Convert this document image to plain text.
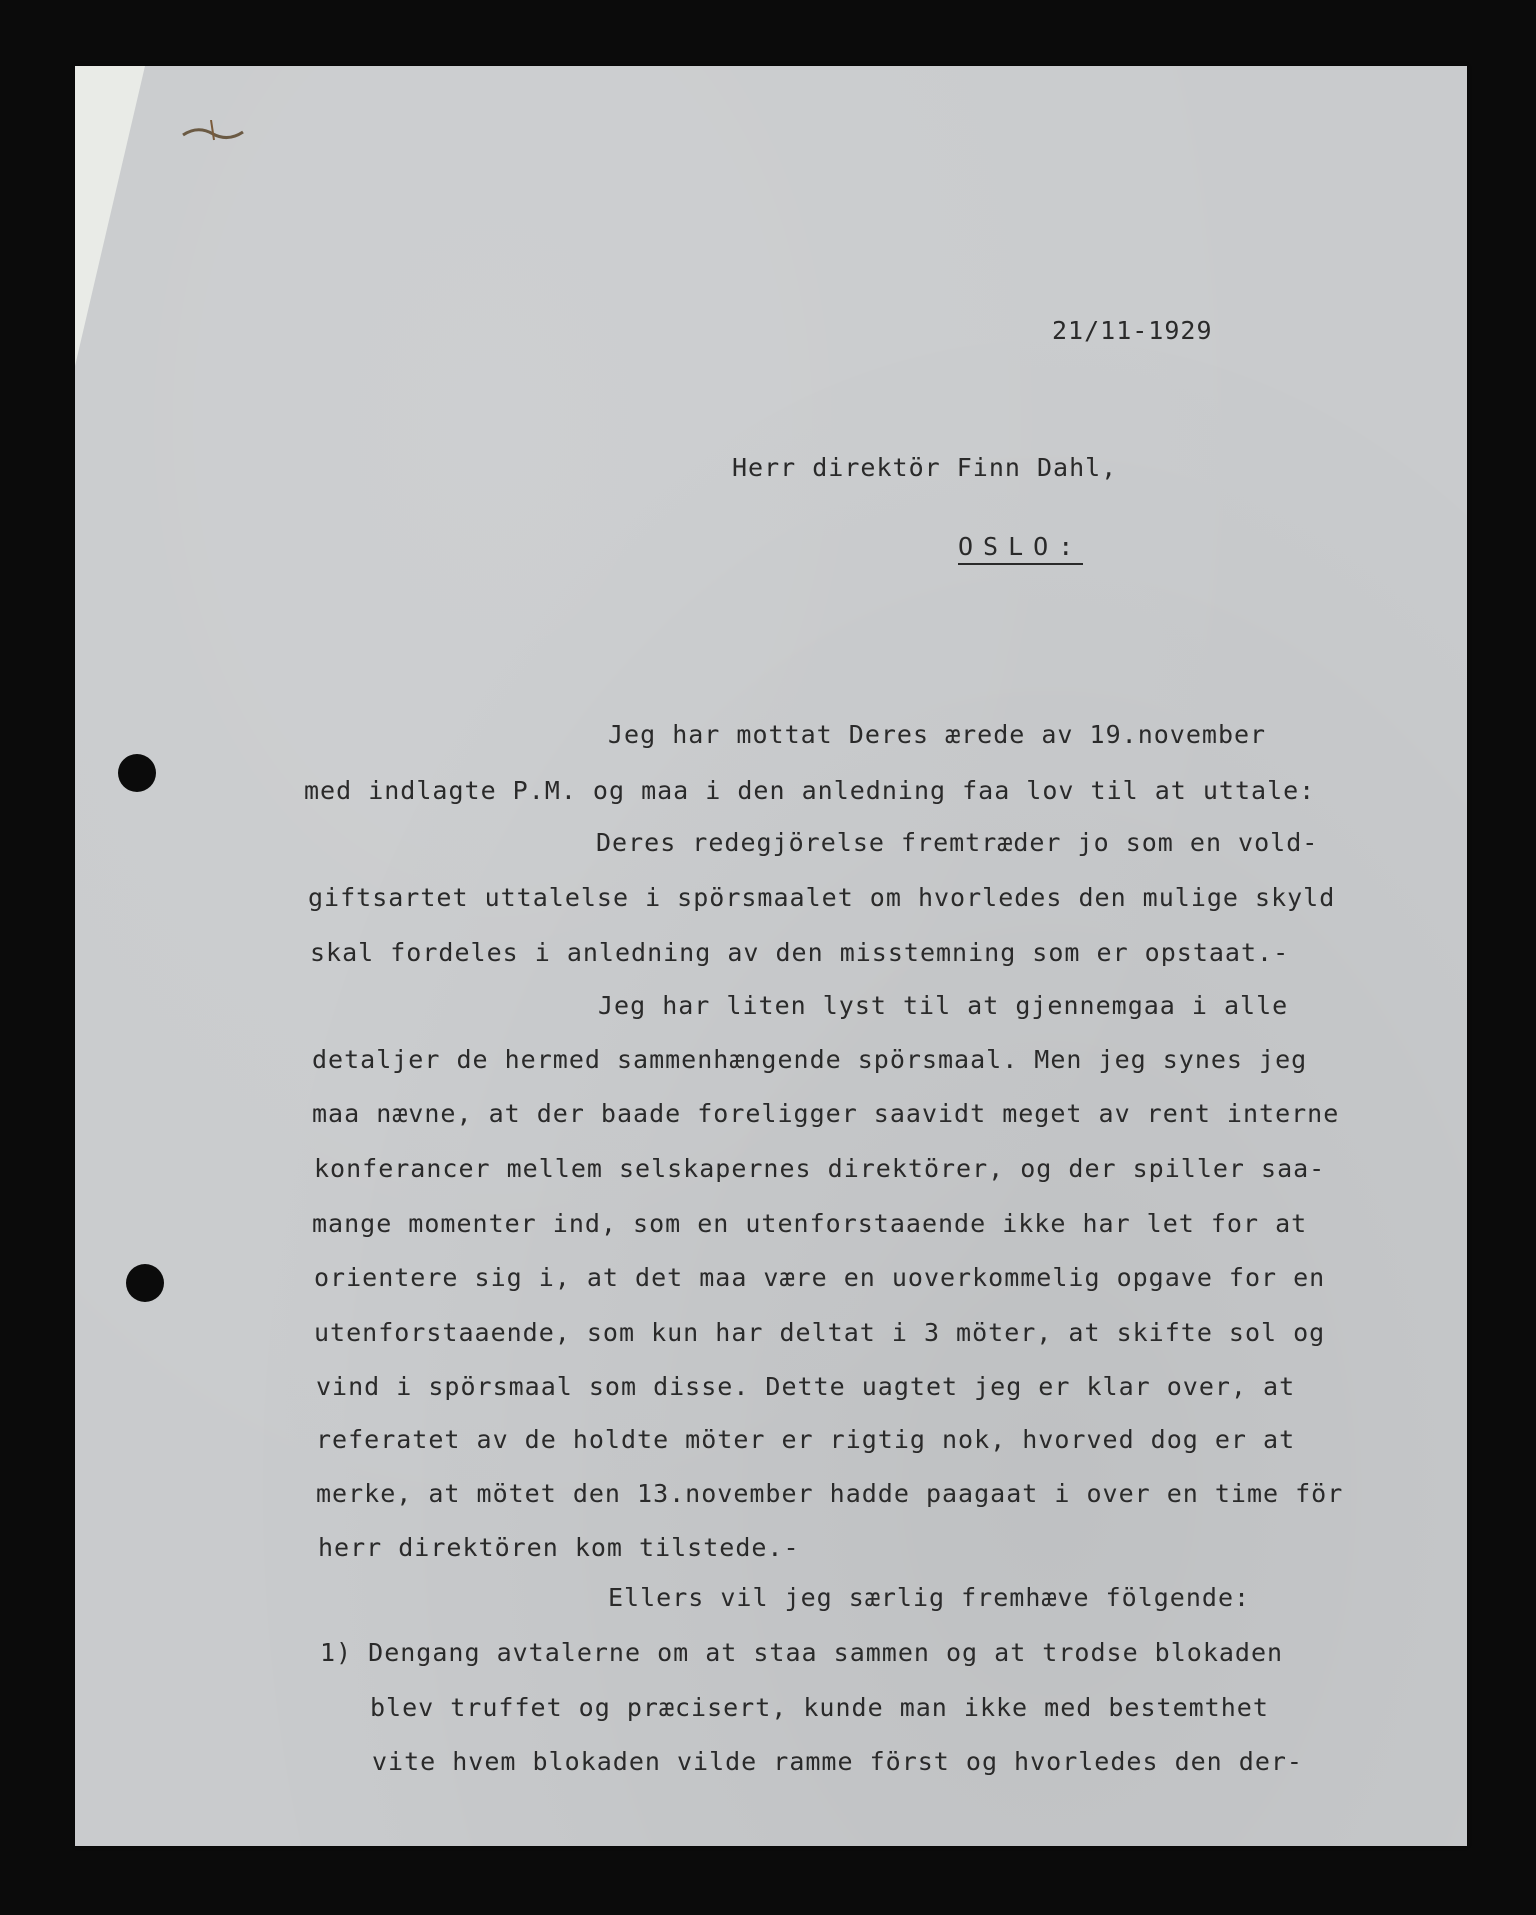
21/11-1929
Herr direktör Finn Dahl,
OSLO:
Jeg har mottat Deres ærede av 19.november
med indlagte P.M. og maa i den anledning faa lov til at uttale:
Deres redegjörelse fremtræder jo som en vold-
giftsartet uttalelse i spörsmaalet om hvorledes den mulige skyld
skal fordeles i anledning av den misstemning som er opstaat.-
Jeg har liten lyst til at gjennemgaa i alle
detaljer de hermed sammenhængende spörsmaal. Men jeg synes jeg
maa nævne, at der baade foreligger saavidt meget av rent interne
konferancer mellem selskapernes direktörer, og der spiller saa-
mange momenter ind, som en utenforstaaende ikke har let for at
orientere sig i, at det maa være en uoverkommelig opgave for en
utenforstaaende, som kun har deltat i 3 möter, at skifte sol og
vind i spörsmaal som disse. Dette uagtet jeg er klar over, at
referatet av de holdte möter er rigtig nok, hvorved dog er at
merke, at mötet den 13.november hadde paagaat i over en time för
herr direktören kom tilstede.-
Ellers vil jeg særlig fremhæve fölgende:
1) Dengang avtalerne om at staa sammen og at trodse blokaden
blev truffet og præcisert, kunde man ikke med bestemthet
vite hvem blokaden vilde ramme först og hvorledes den der-
